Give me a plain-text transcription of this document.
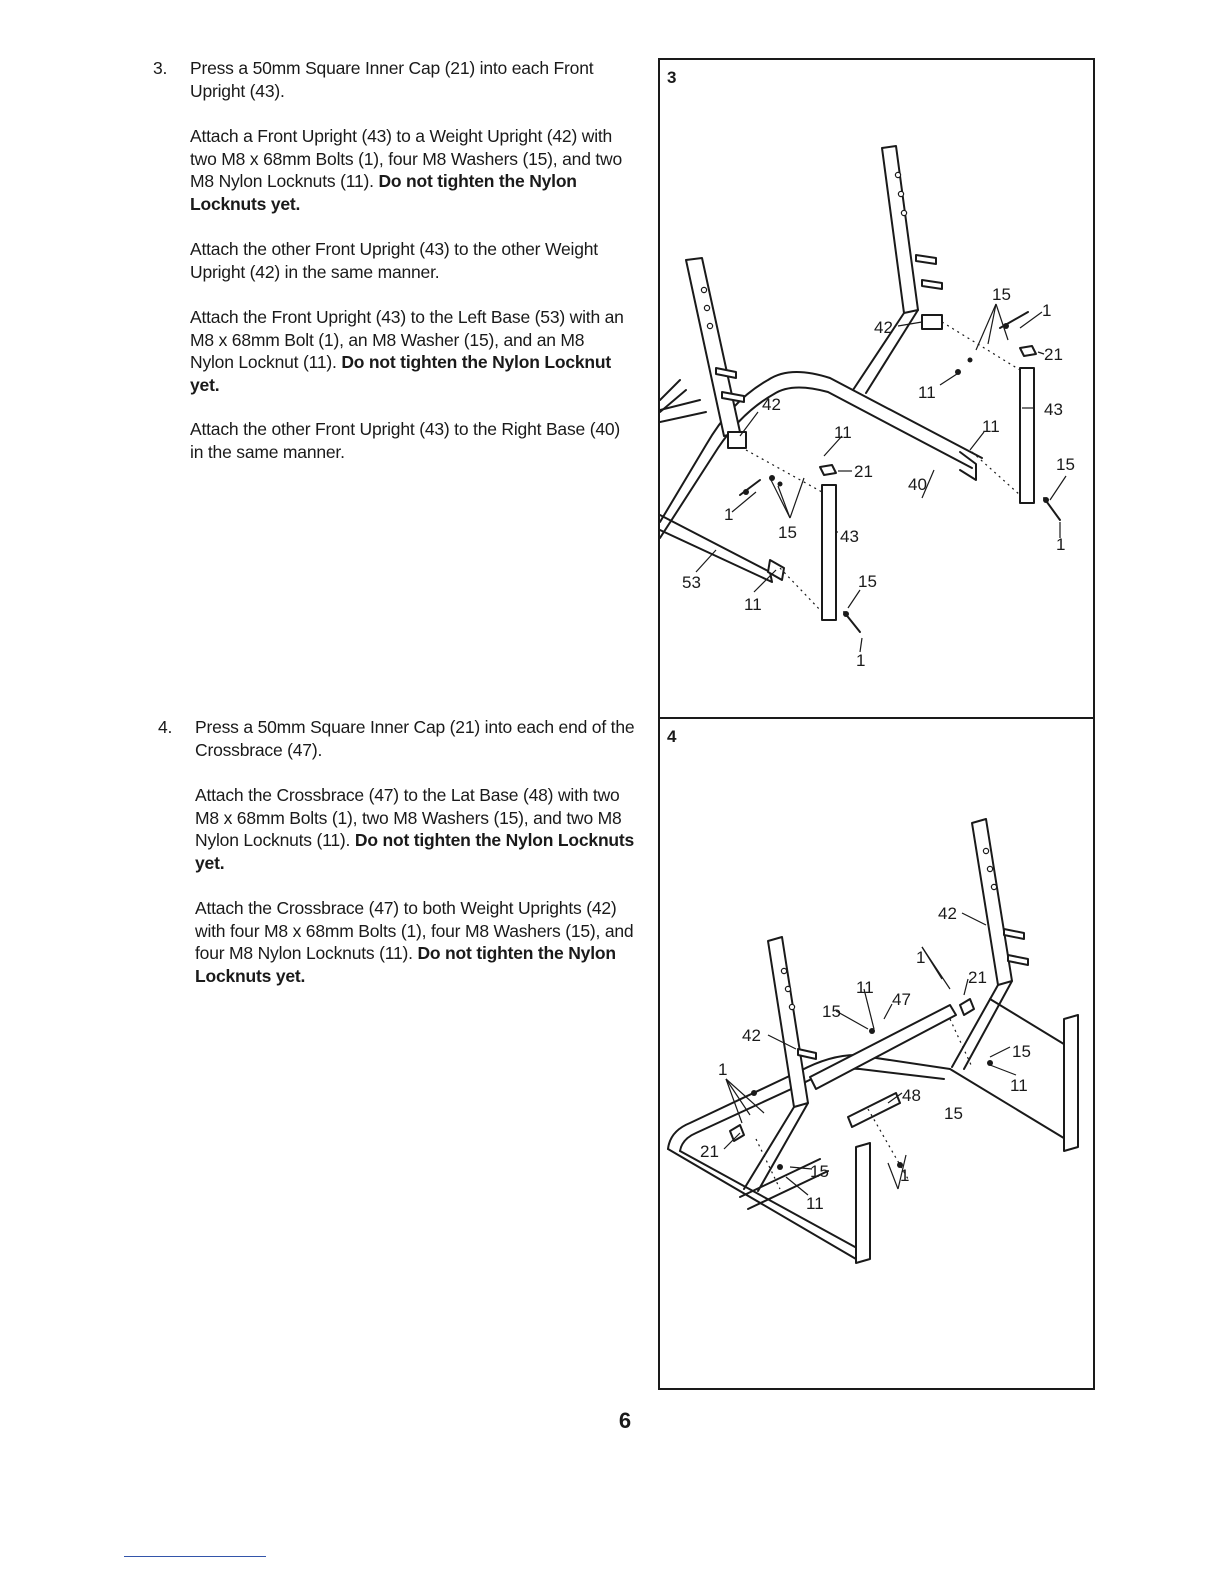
3. Press a 50mm Square Inner Cap (21) into each Front Upright (43).

Attach a Front Upright (43) to a Weight Upright (42) with two M8 x 68mm Bolts (1), four M8 Washers (15), and two M8 Nylon Locknuts (11). Do not tighten the Nylon Locknuts yet.

Attach the other Front Upright (43) to the other Weight Upright (42) in the same manner.

Attach the Front Upright (43) to the Left Base (53) with an M8 x 68mm Bolt (1), an M8 Washer (15), and an M8 Nylon Locknut (11). Do not tighten the Nylon Locknut yet.

Attach the other Front Upright (43) to the Right Base (40) in the same manner.

4. Press a 50mm Square Inner Cap (21) into each end of the Crossbrace (47).

Attach the Crossbrace (47) to the Lat Base (48) with two M8 x 68mm Bolts (1), two M8 Washers (15), and two M8 Nylon Locknuts (11). Do not tighten the Nylon Locknuts yet.

Attach the Crossbrace (47) to both Weight Uprights (42) with four M8 x 68mm Bolts (1), four M8 Washers (15), and four M8 Nylon Locknuts (11). Do not tighten the Nylon Locknuts yet.

3
15
1
42
21
11
43
42
11	11
15
40
21
1
15	43
53	15
11
1
1
4
42
1
21
11
47
15
42
15
1
11
48
15
21
15	1
11
6
